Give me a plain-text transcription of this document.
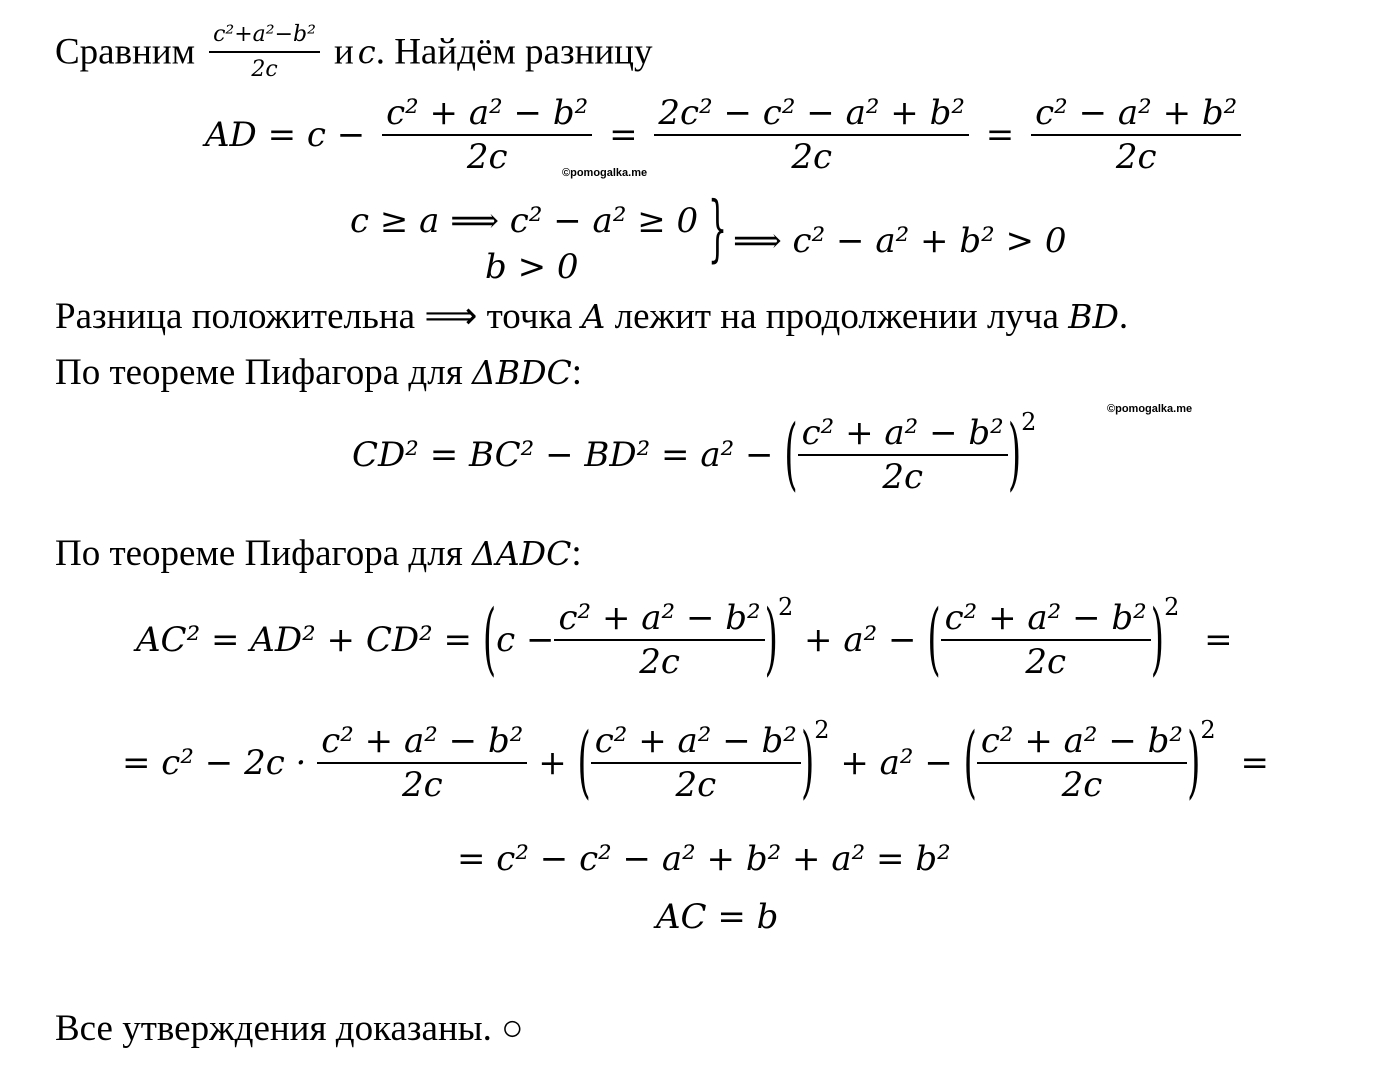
Сравним $\frac{\text{c²+a²−b²}}{2c}$ и c. Найдём разницу
AD = $c - \frac{\text{c² + a² − b²}}{2c} = \frac{\text{2c² − c² − a² + b²}}{2c} = \frac{\text{c² − a² + b²}}{2c}$
©pomogalka.me
c ≥ a ⟹ c² − a² ≥ 0
b > 0	} ⟹ c² − a² + b² > 0
Разница положительна ⟹ точка A лежит на продолжении луча BD.
По теореме Пифагора для ΔBDC:
©pomogalka.me
CD² = BC² − BD² = a² − ( $\frac{\text{c² + a² − b²}}{2c} )^2$
По теореме Пифагора для ΔADC:
$AC^2 = AD^2 + CD^2 = (c - \frac{\text{c² + a² − b²}}{2c} )^2 + a^2$ − ( $\frac{\text{c² + a² − b²}}{2c} )^2$ =
= $c^2 - 2c \cdot \frac{\text{c² + a² − b²}}{2c}$ + ( $\frac{\text{c² + a² − b²}}{2c} )^2 + a^2$ − ( $\frac{\text{c² + a² − b²}}{2c} )^2$ =
= c² − c² − a² + b² + a² = b²
AC = b
Все утверждения доказаны. ○
